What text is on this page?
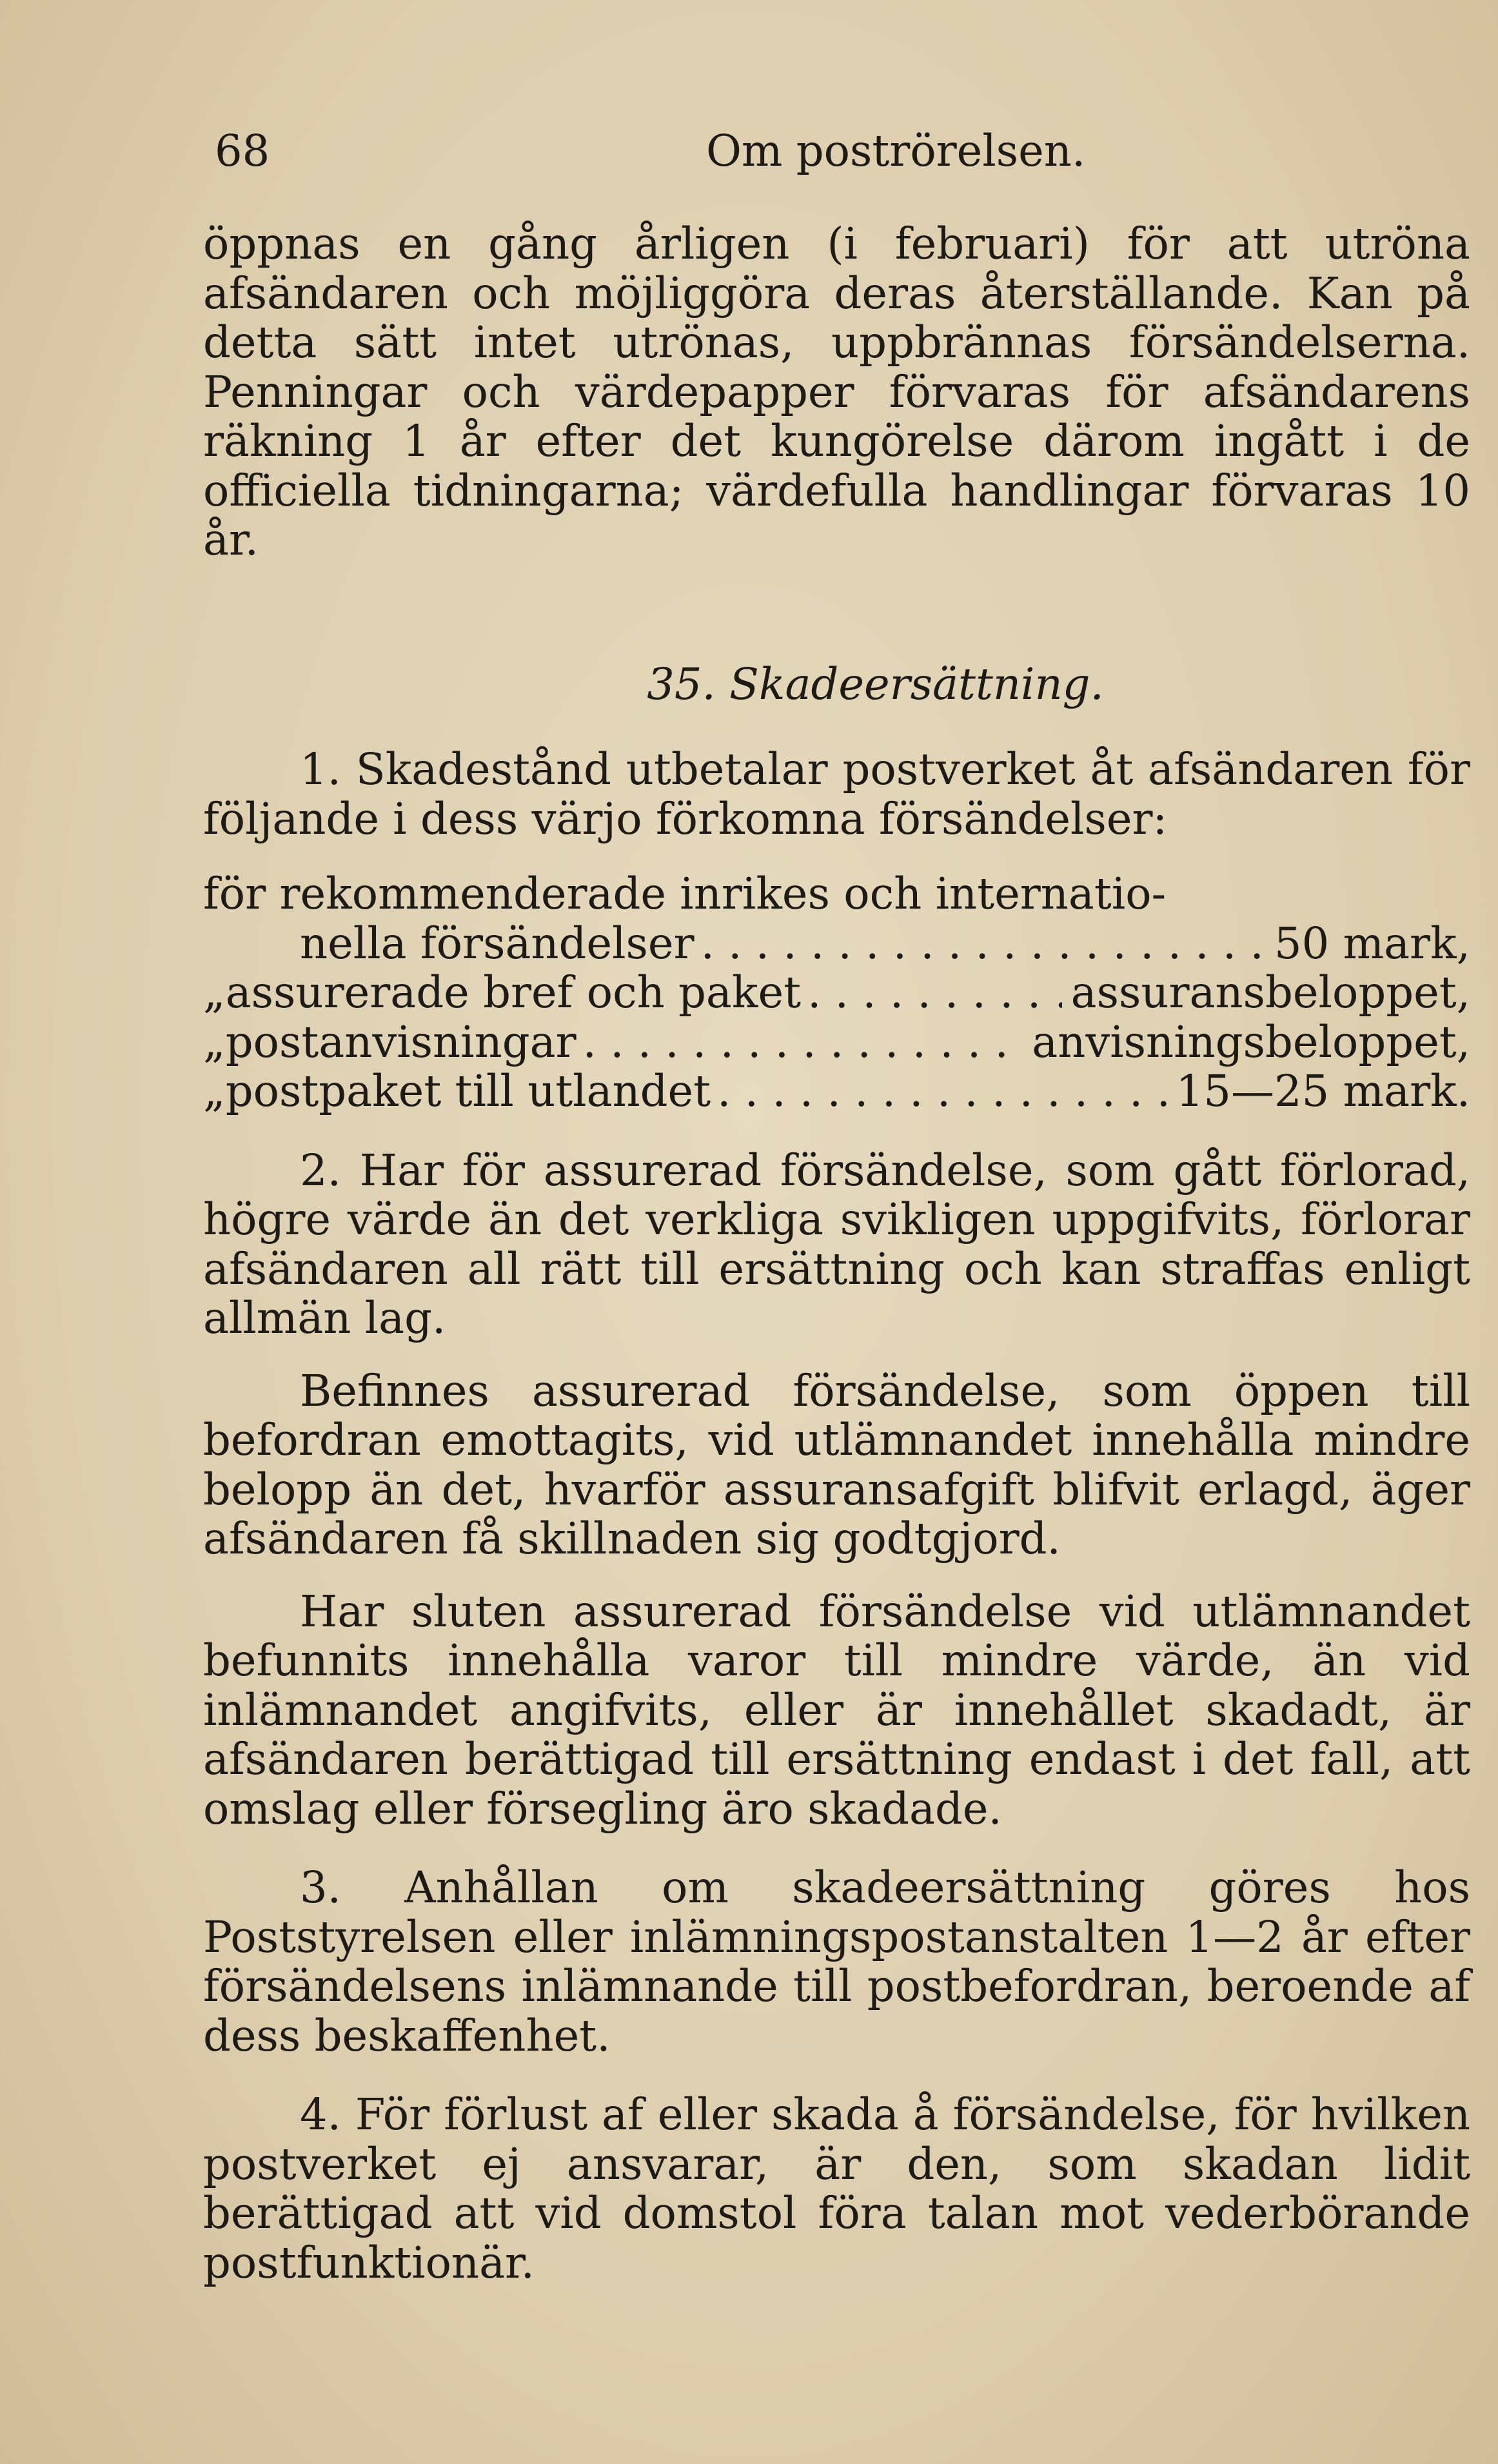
68	Om poströrelsen.

öppnas en gång årligen (i februari) för att utröna afsändaren och möjliggöra deras återställande. Kan på detta sätt intet utrönas, uppbrännas försändelserna. Penningar och värdepapper förvaras för afsändarens räkning 1 år efter det kungörelse därom ingått i de officiella tidningarna; värdefulla handlingar förvaras 10 år.

35. Skadeersättning.

1. Skadestånd utbetalar postverket åt afsändaren för följande i dess värjo förkomna försändelser:

för rekommenderade inrikes och internatio-
nella försändelser . . .	50 mark,
„ assurerade bref och paket . . .	assuransbeloppet,
„ postanvisningar . . .	anvisningsbeloppet,
„ postpaket till utlandet . . .	15—25 mark.

2. Har för assurerad försändelse, som gått förlorad, högre värde än det verkliga svikligen uppgifvits, förlorar afsändaren all rätt till ersättning och kan straffas enligt allmän lag.

Befinnes assurerad försändelse, som öppen till befordran emottagits, vid utlämnandet innehålla mindre belopp än det, hvarför assuransafgift blifvit erlagd, äger afsändaren få skillnaden sig godtgjord.

Har sluten assurerad försändelse vid utlämnandet befunnits innehålla varor till mindre värde, än vid inlämnandet angifvits, eller är innehållet skadadt, är afsändaren berättigad till ersättning endast i det fall, att omslag eller försegling äro skadade.

3. Anhållan om skadeersättning göres hos Poststyrelsen eller inlämningspostanstalten 1—2 år efter försändelsens inlämnande till postbefordran, beroende af dess beskaffenhet.

4. För förlust af eller skada å försändelse, för hvilken postverket ej ansvarar, är den, som skadan lidit berättigad att vid domstol föra talan mot vederbörande postfunktionär.
